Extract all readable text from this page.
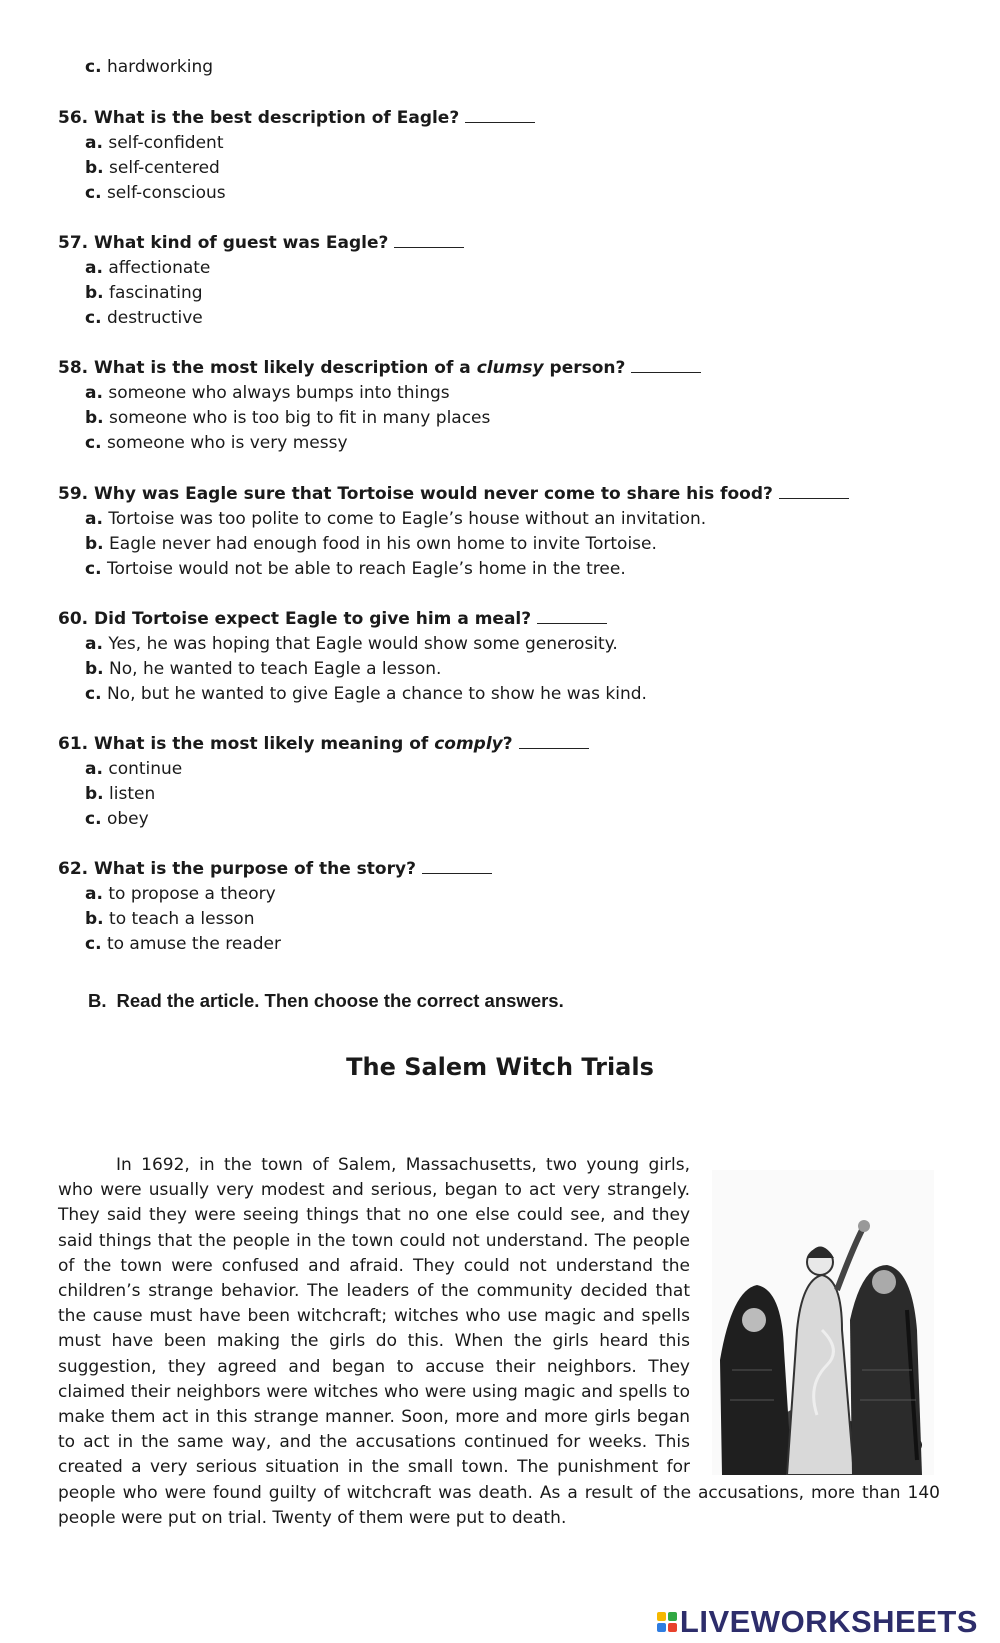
c. hardworking
56. What is the best description of Eagle?
a. self-confident
b. self-centered
c. self-conscious
57. What kind of guest was Eagle?
a. affectionate
b. fascinating
c. destructive
58. What is the most likely description of a clumsy person?
a. someone who always bumps into things
b. someone who is too big to fit in many places
c. someone who is very messy
59. Why was Eagle sure that Tortoise would never come to share his food?
a. Tortoise was too polite to come to Eagle’s house without an invitation.
b. Eagle never had enough food in his own home to invite Tortoise.
c. Tortoise would not be able to reach Eagle’s home in the tree.
60. Did Tortoise expect Eagle to give him a meal?
a. Yes, he was hoping that Eagle would show some generosity.
b. No, he wanted to teach Eagle a lesson.
c. No, but he wanted to give Eagle a chance to show he was kind.
61. What is the most likely meaning of comply?
a. continue
b. listen
c. obey
62. What is the purpose of the story?
a. to propose a theory
b. to teach a lesson
c. to amuse the reader
B. Read the article. Then choose the correct answers.
The Salem Witch Trials

In 1692, in the town of Salem, Massachusetts, two young girls, who were usually very modest and serious, began to act very strangely. They said they were seeing things that no one else could see, and they said things that the people in the town could not understand. The people of the town were confused and afraid. They could not understand the children’s strange behavior. The leaders of the community decided that the cause must have been witchcraft; witches who use magic and spells must have been making the girls do this. When the girls heard this suggestion, they agreed and began to accuse their neighbors. They claimed their neighbors were witches who were using magic and spells to make them act in this strange manner. Soon, more and more girls began to act in the same way, and the accusations continued for weeks. This created a very serious situation in the small town. The punishment for people who were found guilty of witchcraft was death. As a result of the accusations, more than 140 people were put on trial. Twenty of them were put to death.

LIVEWORKSHEETS
